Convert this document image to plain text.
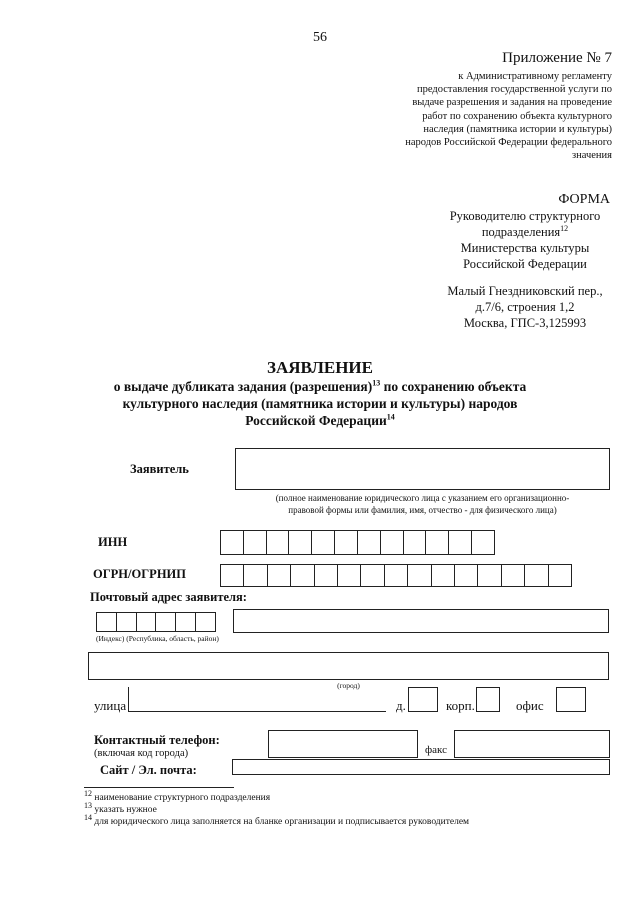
56
Приложение № 7
к Административному регламенту
предоставления государственной услуги по
выдаче разрешения и задания на проведение
работ по сохранению объекта культурного
наследия (памятника истории и культуры)
народов Российской Федерации федерального
значения
ФОРМА
Руководителю структурного
подразделения$^{12}$
Министерства культуры
Российской Федерации
Малый Гнездниковский пер.,
д.7/6, строения 1,2
Москва, ГПС-3,125993
ЗАЯВЛЕНИЕ
о выдаче дубликата задания (разрешения)$^{13}$ по сохранению объекта
культурного наследия (памятника истории и культуры) народов
Российской Федерации$^{14}$
Заявитель
(полное наименование юридического лица с указанием его организационно-
правовой формы или фамилия, имя, отчество - для физического лица)
ИНН
ОГРН/ОГРНИП
Почтовый адрес заявителя:
(Индекс) (Республика, область, район)
(город)
улица	д.	корп.	офис
Контактный телефон:
(включая код города)	факс
Сайт / Эл. почта:
$^{12}$ наименование структурного подразделения
$^{13}$ указать нужное
$^{14}$ для юридического лица заполняется на бланке организации и подписывается руководителем
